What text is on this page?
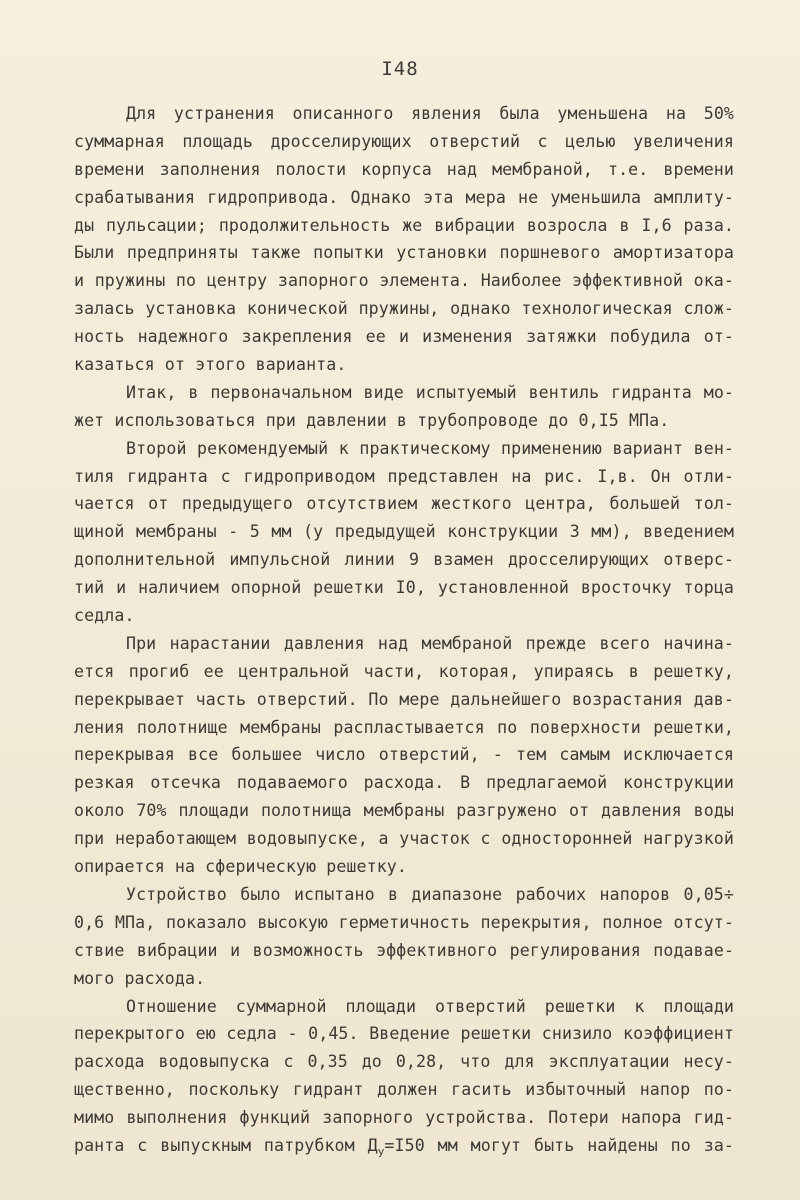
I48
Для устранения описанного явления была уменьшена на 50%
суммарная площадь дросселирующих отверстий с целью увеличения
времени заполнения полости корпуса над мембраной, т.е. времени
срабатывания гидропривода. Однако эта мера не уменьшила амплиту-
ды пульсации; продолжительность же вибрации возросла в I,6 раза.
Были предприняты также попытки установки поршневого амортизатора
и пружины по центру запорного элемента. Наиболее эффективной ока-
залась установка конической пружины, однако технологическая слож-
ность надежного закрепления ее и изменения затяжки побудила от-
казаться от этого варианта.
Итак, в первоначальном виде испытуемый вентиль гидранта мо-
жет использоваться при давлении в трубопроводе до 0,I5 МПа.
Второй рекомендуемый к практическому применению вариант вен-
тиля гидранта с гидроприводом представлен на рис. I,в. Он отли-
чается от предыдущего отсутствием жесткого центра, большей тол-
щиной мембраны - 5 мм (у предыдущей конструкции 3 мм), введением
дополнительной импульсной линии 9 взамен дросселирующих отверс-
тий и наличием опорной решетки I0, установленной вросточку торца
седла.
При нарастании давления над мембраной прежде всего начина-
ется прогиб ее центральной части, которая, упираясь в решетку,
перекрывает часть отверстий. По мере дальнейшего возрастания дав-
ления полотнище мембраны распластывается по поверхности решетки,
перекрывая все большее число отверстий, - тем самым исключается
резкая отсечка подаваемого расхода. В предлагаемой конструкции
около 70% площади полотнища мембраны разгружено от давления воды
при неработающем водовыпуске, а участок с односторонней нагрузкой
опирается на сферическую решетку.
Устройство было испытано в диапазоне рабочих напоров 0,05÷
0,6 МПа, показало высокую герметичность перекрытия, полное отсут-
ствие вибрации и возможность эффективного регулирования подавае-
мого расхода.
Отношение суммарной площади отверстий решетки к площади
перекрытого ею седла - 0,45. Введение решетки снизило коэффициент
расхода водовыпуска с 0,35 до 0,28, что для эксплуатации несу-
щественно, поскольку гидрант должен гасить избыточный напор по-
мимо выполнения функций запорного устройства. Потери напора гид-
ранта с выпускным патрубком $Д_у=I50$ мм могут быть найдены по за-
